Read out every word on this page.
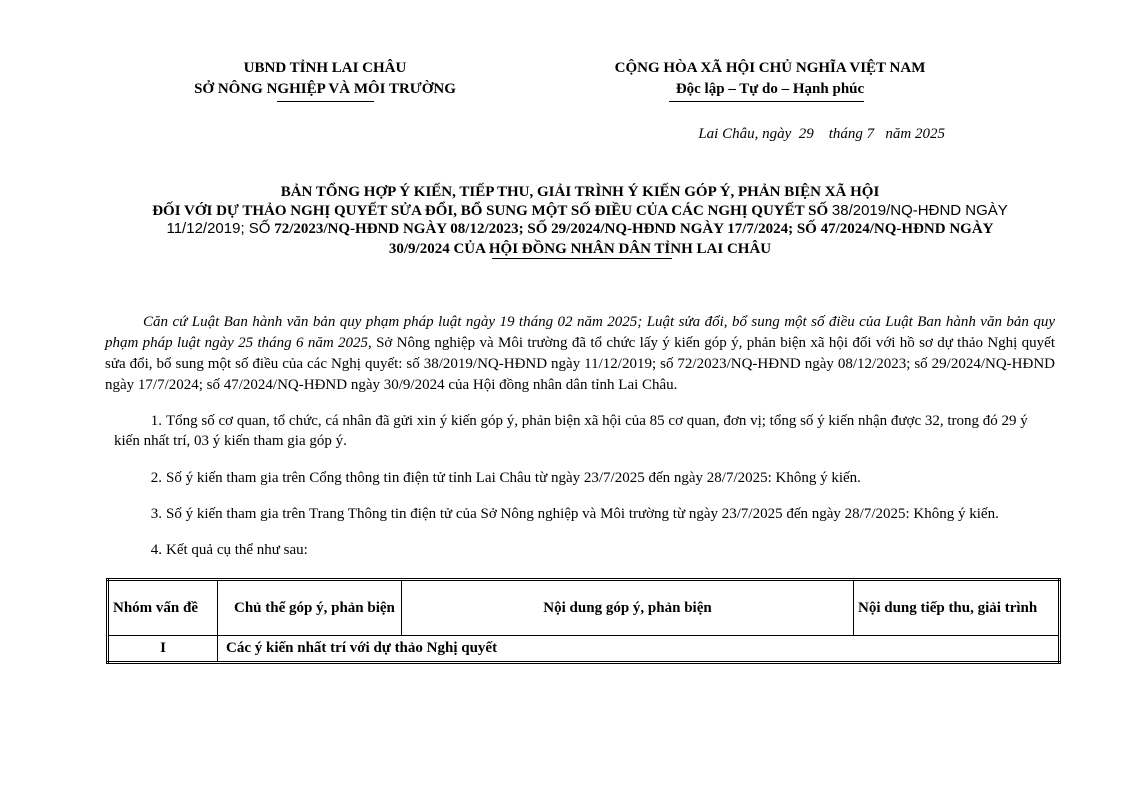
UBND TỈNH LAI CHÂU
SỞ NÔNG NGHIỆP VÀ MÔI TRƯỜNG
CỘNG HÒA XÃ HỘI CHỦ NGHĨA VIỆT NAM
Độc lập – Tự do – Hạnh phúc
Lai Châu, ngày  29    tháng 7   năm 2025
BẢN TỔNG HỢP Ý KIẾN, TIẾP THU, GIẢI TRÌNH Ý KIẾN GÓP Ý, PHẢN BIỆN XÃ HỘI
ĐỐI VỚI DỰ THẢO NGHỊ QUYẾT SỬA ĐỔI, BỔ SUNG MỘT SỐ ĐIỀU CỦA CÁC NGHỊ QUYẾT SỐ 38/2019/NQ-HĐND NGÀY
11/12/2019; SỐ 72/2023/NQ-HĐND NGÀY 08/12/2023; SỐ 29/2024/NQ-HĐND NGÀY 17/7/2024; SỐ 47/2024/NQ-HĐND NGÀY
30/9/2024 CỦA HỘI ĐỒNG NHÂN DÂN TỈNH LAI CHÂU
Căn cứ Luật Ban hành văn bản quy phạm pháp luật ngày 19 tháng 02 năm 2025; Luật sửa đổi, bổ sung một số điều của Luật Ban hành văn bản quy phạm pháp luật ngày 25 tháng 6 năm 2025, Sở Nông nghiệp và Môi trường đã tổ chức lấy ý kiến góp ý, phản biện xã hội đối với hồ sơ dự thảo Nghị quyết sửa đổi, bổ sung một số điều của các Nghị quyết: số 38/2019/NQ-HĐND ngày 11/12/2019; số 72/2023/NQ-HĐND ngày 08/12/2023; số 29/2024/NQ-HĐND ngày 17/7/2024; số 47/2024/NQ-HĐND ngày 30/9/2024 của Hội đồng nhân dân tỉnh Lai Châu.
1. Tổng số cơ quan, tổ chức, cá nhân đã gửi xin ý kiến góp ý, phản biện xã hội của 85 cơ quan, đơn vị; tổng số ý kiến nhận được 32, trong đó 29 ý kiến nhất trí, 03 ý kiến tham gia góp ý.
2. Số ý kiến tham gia trên Cổng thông tin điện tử tỉnh Lai Châu từ ngày 23/7/2025 đến ngày 28/7/2025: Không ý kiến.
3. Số ý kiến tham gia trên Trang Thông tin điện tử của Sở Nông nghiệp và Môi trường từ ngày 23/7/2025 đến ngày 28/7/2025: Không ý kiến.
4. Kết quả cụ thể như sau:
Nhóm vấn đề	Chủ thể góp ý, phản biện	Nội dung góp ý, phản biện	Nội dung tiếp thu, giải trình
I	Các ý kiến nhất trí với dự thảo Nghị quyết		
